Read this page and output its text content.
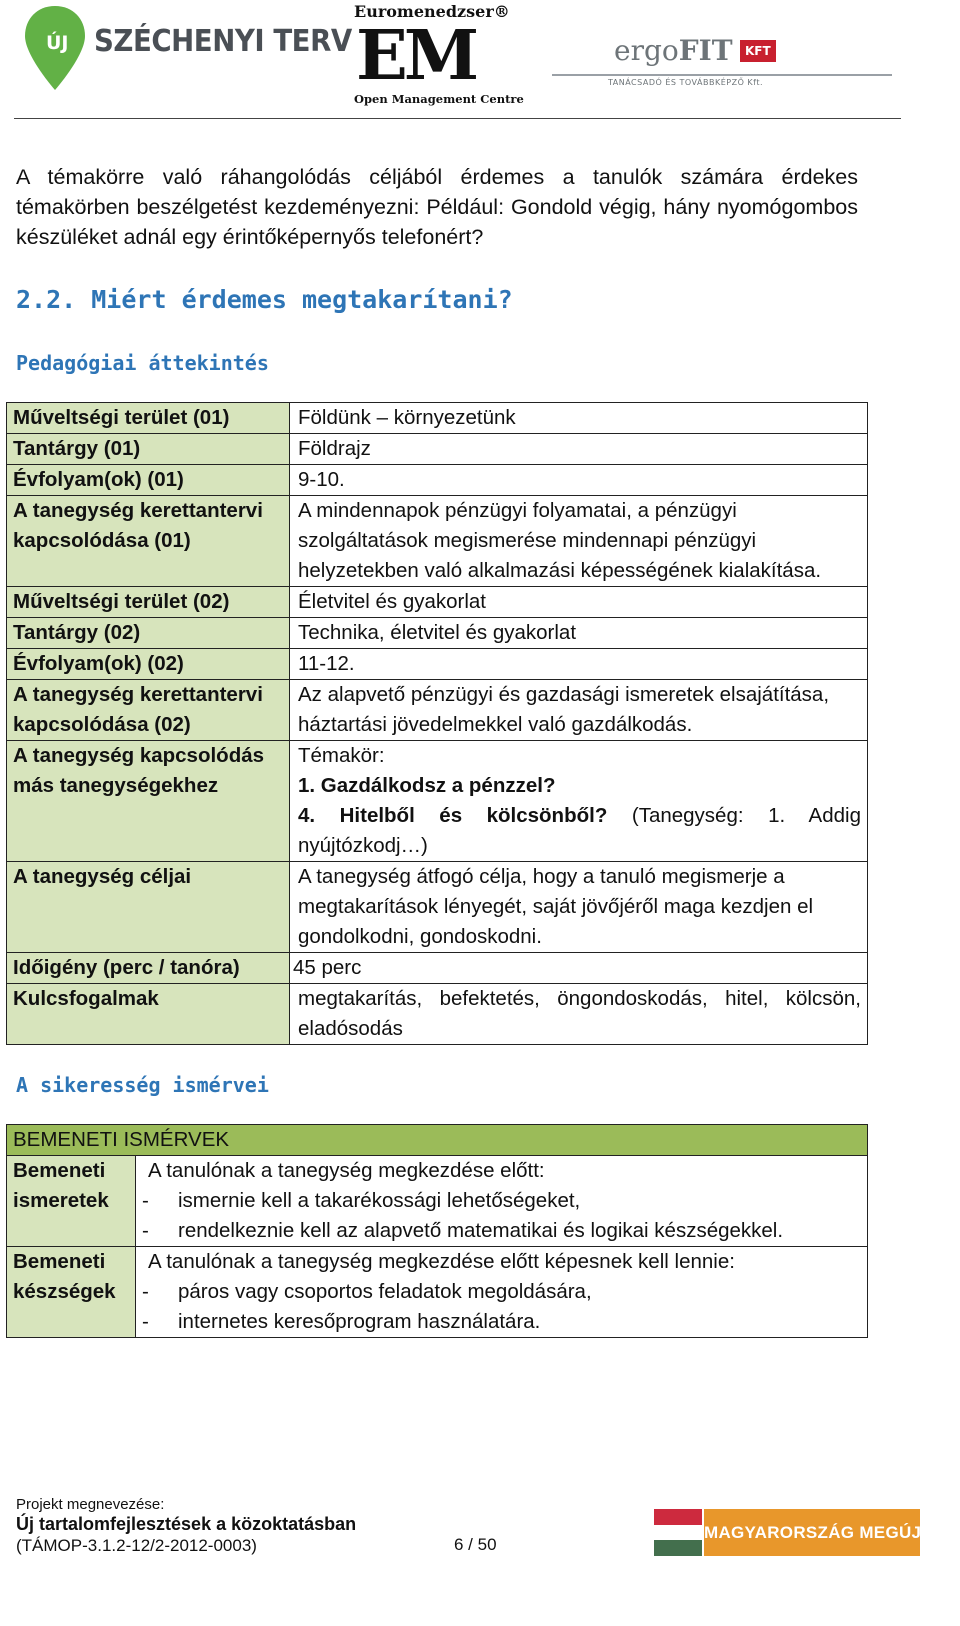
ÚJ SZÉCHENYI TERV
Euromenedzser®
EM
Open Management Centre
ergoFIT	KFT
TANÁCSADÓ ÉS TOVÁBBKÉPZŐ Kft.

A témakörre való ráhangolódás céljából érdemes a tanulók számára érdekes témakörben beszélgetést kezdeményezni: Például: Gondold végig, hány nyomógombos készüléket adnál egy érintőképernyős telefonért?

2.2. Miért érdemes megtakarítani?
Pedagógiai áttekintés
Műveltségi terület (01)	Földünk – környezetünk
Tantárgy (01)	Földrajz
Évfolyam(ok) (01)	9-10.
A tanegység kerettantervi kapcsolódása (01)	A mindennapok pénzügyi folyamatai, a pénzügyi szolgáltatások megismerése mindennapi pénzügyi helyzetekben való alkalmazási képességének kialakítása.
Műveltségi terület (02)	Életvitel és gyakorlat
Tantárgy (02)	Technika, életvitel és gyakorlat
Évfolyam(ok) (02)	11-12.
A tanegység kerettantervi kapcsolódása (02)	Az alapvető pénzügyi és gazdasági ismeretek elsajátítása, háztartási jövedelmekkel való gazdálkodás.
A tanegység kapcsolódás más tanegységekhez	Témakör:
1. Gazdálkodsz a pénzzel?
4. Hitelből és kölcsönből? (Tanegység: 1. Addig nyújtózkodj…)

A tanegység céljai	A tanegység átfogó célja, hogy a tanuló megismerje a megtakarítások lényegét, saját jövőjéről maga kezdjen el gondolkodni, gondoskodni.
Időigény (perc / tanóra)	45 perc
Kulcsfogalmak	megtakarítás, befektetés, öngondoskodás, hitel, kölcsön, eladósodás
A sikeresség ismérvei
BEMENETI ISMÉRVEK	
Bemeneti ismeretek	A tanulónak a tanegység megkezdése előtt:
- ismernie kell a takarékossági lehetőségeket,
- rendelkeznie kell az alapvető matematikai és logikai készségekkel.

Bemeneti készségek	A tanulónak a tanegység megkezdése előtt képesnek kell lennie:
- páros vagy csoportos feladatok megoldására,
- internetes keresőprogram használatára.
Projekt megnevezése:
Új tartalomfejlesztések a közoktatásban
(TÁMOP-3.1.2-12/2-2012-0003)	6 / 50
MAGYARORSZÁG MEGÚJUL
